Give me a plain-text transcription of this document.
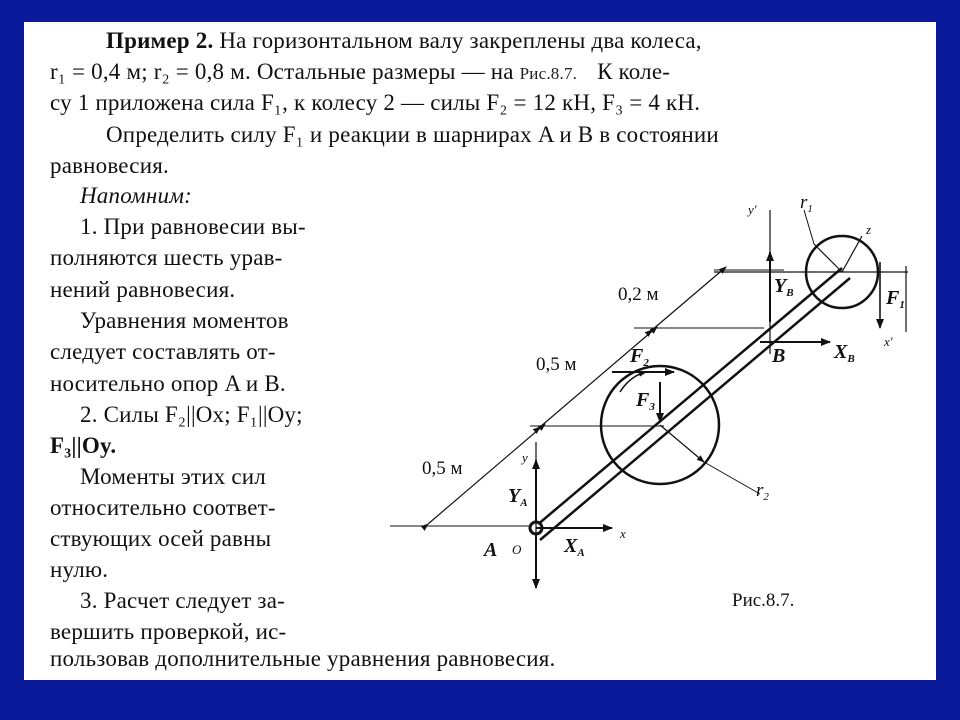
Пример 2. На горизонтальном валу закреплены два колеса,
r₁ = 0,4 м; r₂ = 0,8 м. Остальные размеры — на Рис.8.7. К коле-
су 1 приложена сила F₁, к колесу 2 — силы F₂ = 12 кН, F₃ = 4 кН.
Определить силу F₁ и реакции в шарнирах A и B в состоянии
равновесия.
Напомним:
1. При равновесии вы-
полняются шесть урав-
нений равновесия.
Уравнения моментов
следует составлять от-
носительно опор A и B.
2. Силы F₂||Ox; F₁||Oy;
F₃||Oy.
Моменты этих сил
относительно соответ-
ствующих осей равны
нулю.
3. Расчет следует за-
вершить проверкой, ис-
пользовав дополнительные уравнения равновесия.
0,2 м
0,5 м
0,5 м
y′
x′
z
y
x
$r_1$
$r_2$
$F_1$
$F_2$
$F_3$
$Y_B$
$X_B$
B
$Y_A$
$X_A$
A O
Рис.8.7.
